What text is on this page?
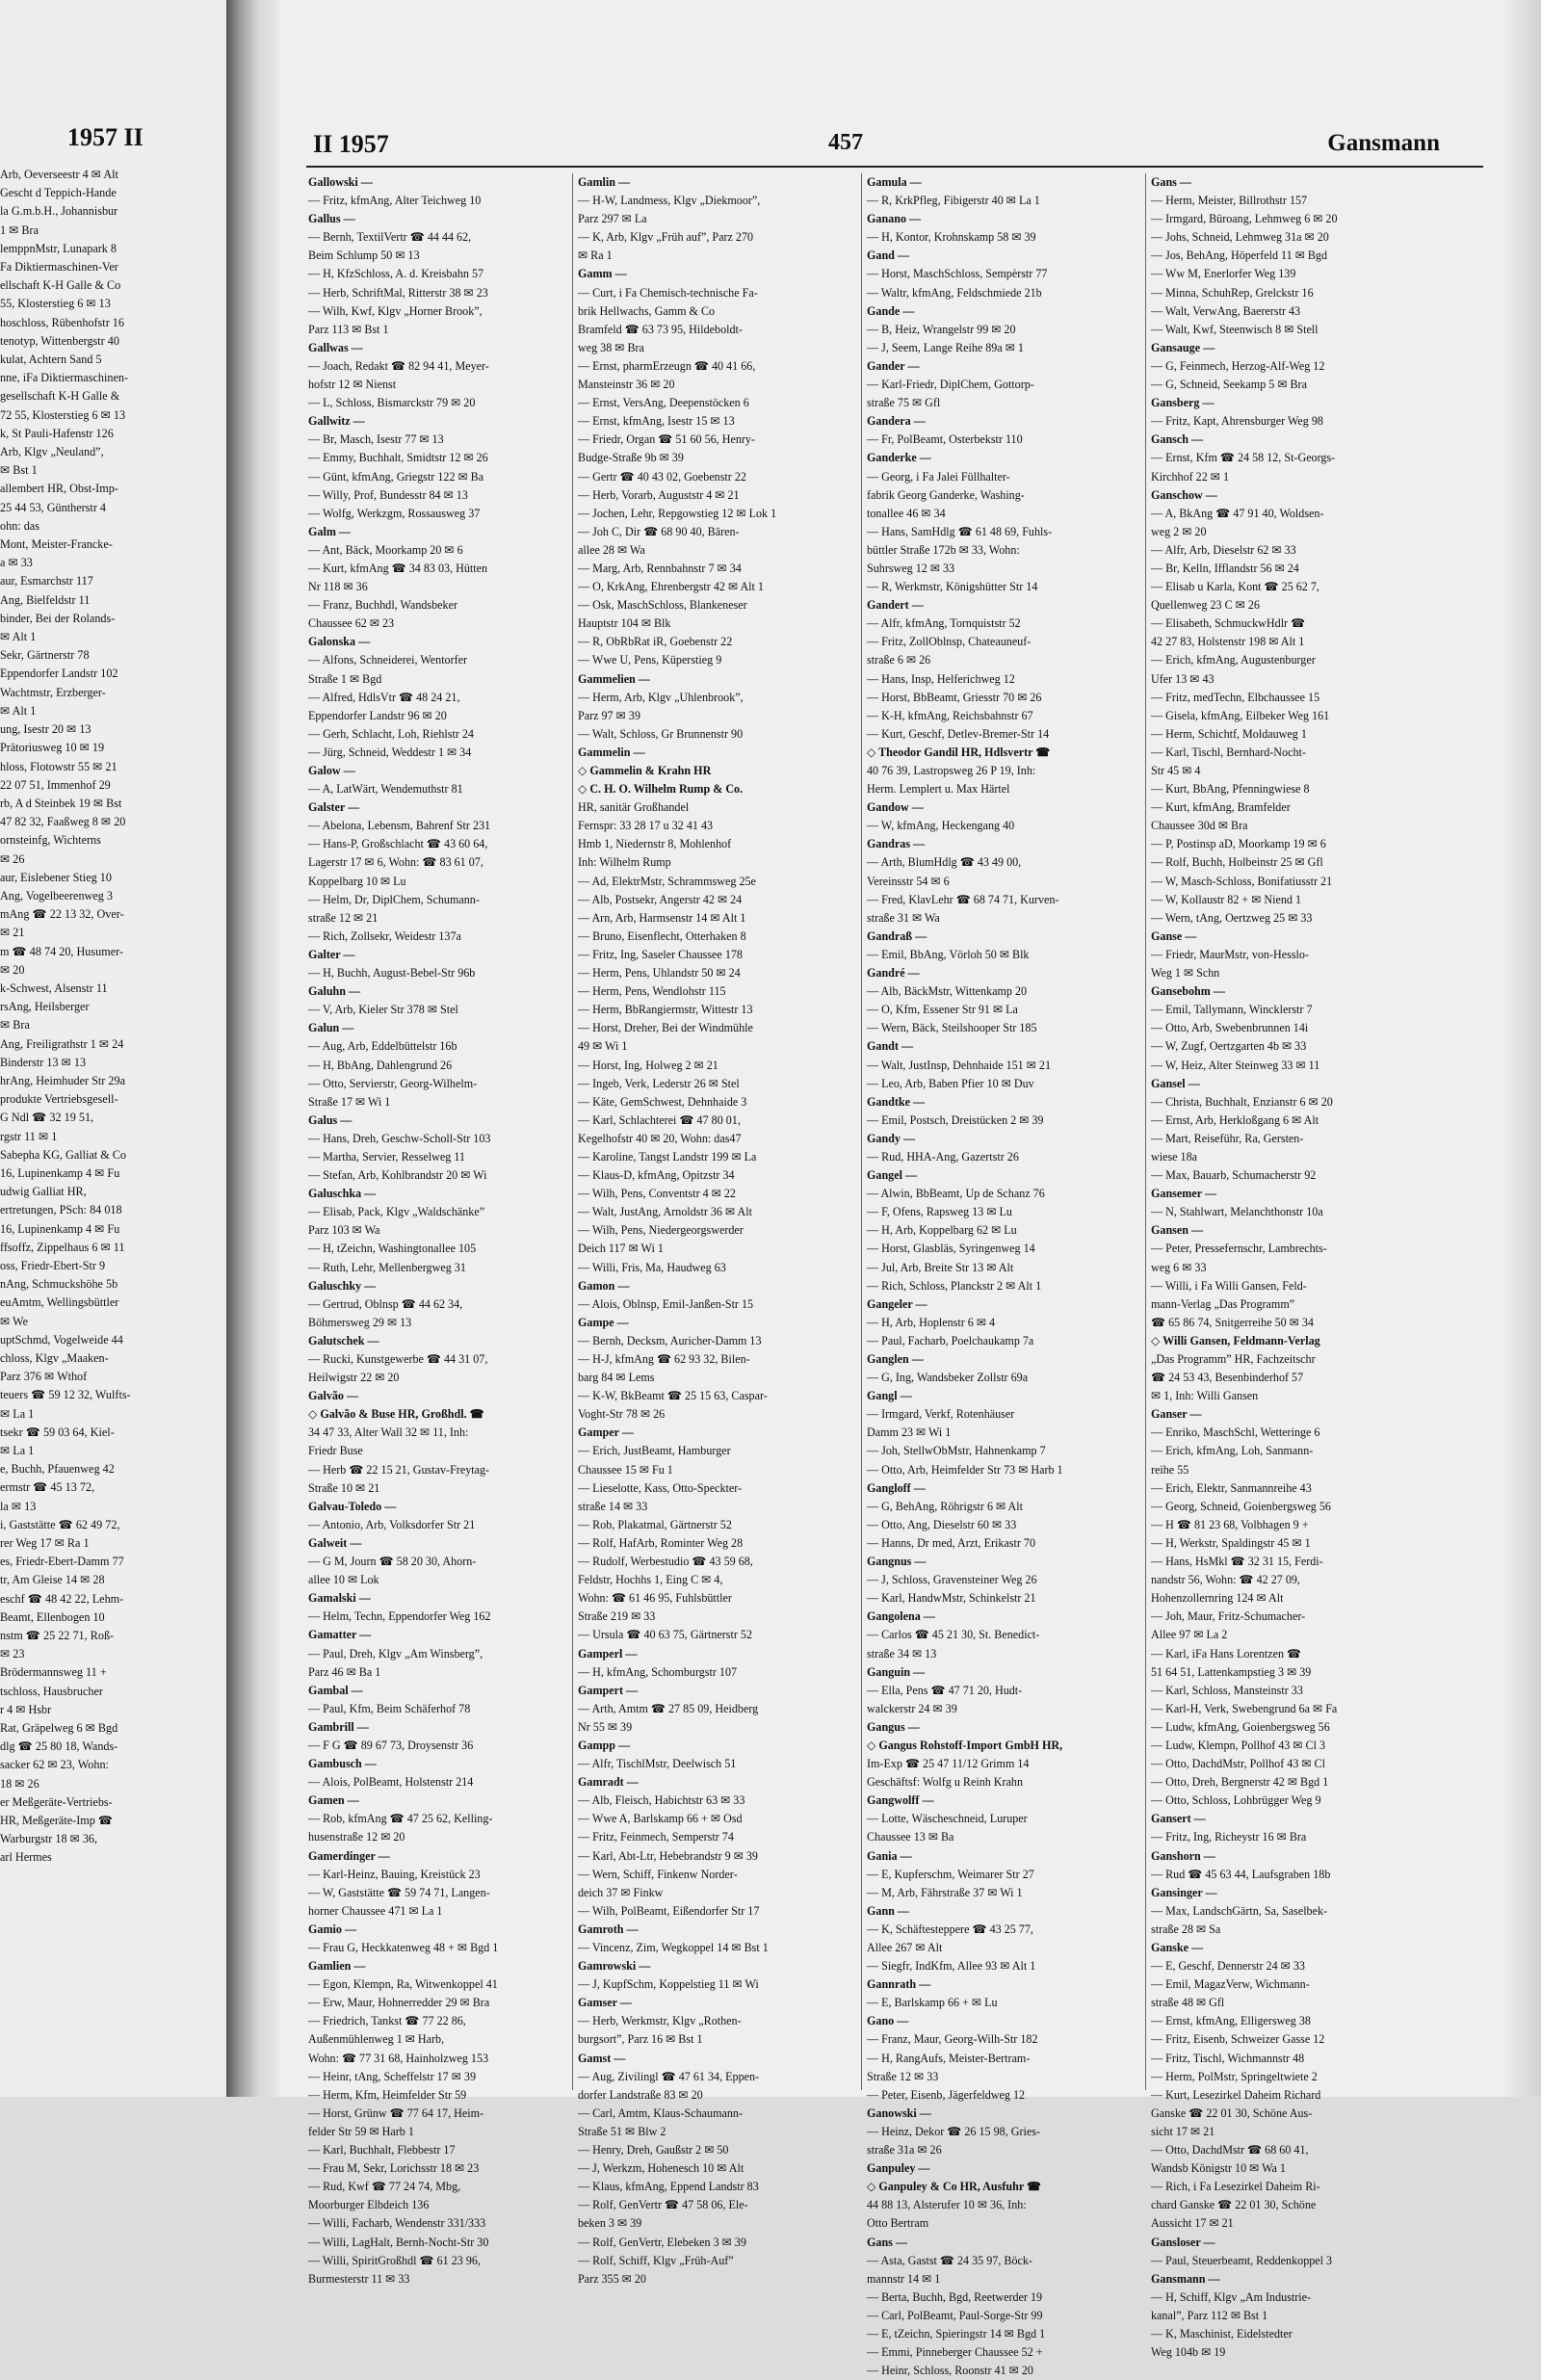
1957 II
Arb, Oeverseestr 4 ✉ Alt
Gescht d Teppich-Hande
la G.m.b.H., Johannisbur
1 ✉ Bra
lemppnMstr, Lunapark 8
Fa Diktiermaschinen-Ver
ellschaft K-H Galle & Co
55, Klosterstieg 6 ✉ 13
hoschloss, Rübenhofstr 16
tenotyp, Wittenbergstr 40
kulat, Achtern Sand 5
nne, iFa Diktiermaschinen-
gesellschaft K-H Galle &
72 55, Klosterstieg 6 ✉ 13
k, St Pauli-Hafenstr 126
Arb, Klgv „Neuland”,
✉ Bst 1
allembert HR, Obst-Imp-
25 44 53, Güntherstr 4
ohn: das
Mont, Meister-Francke-
a ✉ 33
aur, Esmarchstr 117
Ang, Bielfeldstr 11
binder, Bei der Rolands-
✉ Alt 1
Sekr, Gärtnerstr 78
Eppendorfer Landstr 102
Wachtmstr, Erzberger-
✉ Alt 1
ung, Isestr 20 ✉ 13
Prätoriusweg 10 ✉ 19
hloss, Flotowstr 55 ✉ 21
22 07 51, Immenhof 29
rb, A d Steinbek 19 ✉ Bst
47 82 32, Faaßweg 8 ✉ 20
ornsteinfg, Wichterns
✉ 26
aur, Eislebener Stieg 10
Ang, Vogelbeerenweg 3
mAng ☎ 22 13 32, Over-
✉ 21
m ☎ 48 74 20, Husumer-
✉ 20
k-Schwest, Alsenstr 11
rsAng, Heilsberger
✉ Bra
Ang, Freiligrathstr 1 ✉ 24
Binderstr 13 ✉ 13
hrAng, Heimhuder Str 29a
produkte Vertriebsgesell-
G Ndl ☎ 32 19 51,
rgstr 11 ✉ 1
Sabepha KG, Galliat & Co
16, Lupinenkamp 4 ✉ Fu
udwig Galliat HR,
ertretungen, PSch: 84 018
16, Lupinenkamp 4 ✉ Fu
ffsoffz, Zippelhaus 6 ✉ 11
oss, Friedr-Ebert-Str 9
nAng, Schmuckshöhe 5b
euAmtm, Wellingsbüttler
✉ We
uptSchmd, Vogelweide 44
chloss, Klgv „Maaken-
Parz 376 ✉ Wthof
teuers ☎ 59 12 32, Wulfts-
✉ La 1
tsekr ☎ 59 03 64, Kiel-
✉ La 1
e, Buchh, Pfauenweg 42
ermstr ☎ 45 13 72,
la ✉ 13
i, Gaststätte ☎ 62 49 72,
rer Weg 17 ✉ Ra 1
es, Friedr-Ebert-Damm 77
tr, Am Gleise 14 ✉ 28
eschf ☎ 48 42 22, Lehm-
Beamt, Ellenbogen 10
nstm ☎ 25 22 71, Roß-
✉ 23
Brödermannsweg 11 +
tschloss, Hausbrucher
r 4 ✉ Hsbr
Rat, Gräpelweg 6 ✉ Bgd
dlg ☎ 25 80 18, Wands-
sacker 62 ✉ 23, Wohn:
18 ✉ 26
er Meßgeräte-Vertriebs-
HR, Meßgeräte-Imp ☎
Warburgstr 18 ✉ 36,
arl Hermes
II 1957	457	Gansmann
Gallowski —
— Fritz, kfmAng, Alter Teichweg 10
Gallus —
— Bernh, TextilVertr ☎ 44 44 62,
Beim Schlump 50 ✉ 13
— H, KfzSchloss, A. d. Kreisbahn 57
— Herb, SchriftMal, Ritterstr 38 ✉ 23
— Wilh, Kwf, Klgv „Horner Brook”,
Parz 113 ✉ Bst 1
Gallwas —
— Joach, Redakt ☎ 82 94 41, Meyer-
hofstr 12 ✉ Nienst
— L, Schloss, Bismarckstr 79 ✉ 20
Gallwitz —
— Br, Masch, Isestr 77 ✉ 13
— Emmy, Buchhalt, Smidtstr 12 ✉ 26
— Günt, kfmAng, Griegstr 122 ✉ Ba
— Willy, Prof, Bundesstr 84 ✉ 13
— Wolfg, Werkzgm, Rossausweg 37
Galm —
— Ant, Bäck, Moorkamp 20 ✉ 6
— Kurt, kfmAng ☎ 34 83 03, Hütten
Nr 118 ✉ 36
— Franz, Buchhdl, Wandsbeker
Chaussee 62 ✉ 23
Galonska —
— Alfons, Schneiderei, Wentorfer
Straße 1 ✉ Bgd
— Alfred, HdlsVtr ☎ 48 24 21,
Eppendorfer Landstr 96 ✉ 20
— Gerh, Schlacht, Loh, Riehlstr 24
— Jürg, Schneid, Weddestr 1 ✉ 34
Galow —
— A, LatWärt, Wendemuthstr 81
Galster —
— Abelona, Lebensm, Bahrenf Str 231
— Hans-P, Großschlacht ☎ 43 60 64,
Lagerstr 17 ✉ 6, Wohn: ☎ 83 61 07,
Koppelbarg 10 ✉ Lu
— Helm, Dr, DiplChem, Schumann-
straße 12 ✉ 21
— Rich, Zollsekr, Weidestr 137a
Galter —
— H, Buchh, August-Bebel-Str 96b
Galuhn —
— V, Arb, Kieler Str 378 ✉ Stel
Galun —
— Aug, Arb, Eddelbüttelstr 16b
— H, BbAng, Dahlengrund 26
— Otto, Servierstr, Georg-Wilhelm-
Straße 17 ✉ Wi 1
Galus —
— Hans, Dreh, Geschw-Scholl-Str 103
— Martha, Servier, Resselweg 11
— Stefan, Arb, Kohlbrandstr 20 ✉ Wi
Galuschka —
— Elisab, Pack, Klgv „Waldschänke”
Parz 103 ✉ Wa
— H, tZeichn, Washingtonallee 105
— Ruth, Lehr, Mellenbergweg 31
Galuschky —
— Gertrud, Oblnsp ☎ 44 62 34,
Böhmersweg 29 ✉ 13
Galutschek —
— Rucki, Kunstgewerbe ☎ 44 31 07,
Heilwigstr 22 ✉ 20
Galvão —
◇ Galvão & Buse HR, Großhdl. ☎
34 47 33, Alter Wall 32 ✉ 11, Inh:
Friedr Buse
— Herb ☎ 22 15 21, Gustav-Freytag-
Straße 10 ✉ 21
Galvau-Toledo —
— Antonio, Arb, Volksdorfer Str 21
Galweit —
— G M, Journ ☎ 58 20 30, Ahorn-
allee 10 ✉ Lok
Gamalski —
— Helm, Techn, Eppendorfer Weg 162
Gamatter —
— Paul, Dreh, Klgv „Am Winsberg”,
Parz 46 ✉ Ba 1
Gambal —
— Paul, Kfm, Beim Schäferhof 78
Gambrill —
— F G ☎ 89 67 73, Droysenstr 36
Gambusch —
— Alois, PolBeamt, Holstenstr 214
Gamen —
— Rob, kfmAng ☎ 47 25 62, Kelling-
husenstraße 12 ✉ 20
Gamerdinger —
— Karl-Heinz, Bauing, Kreistück 23
— W, Gaststätte ☎ 59 74 71, Langen-
horner Chaussee 471 ✉ La 1
Gamio —
— Frau G, Heckkatenweg 48 + ✉ Bgd 1
Gamlien —
— Egon, Klempn, Ra, Witwenkoppel 41
— Erw, Maur, Hohnerredder 29 ✉ Bra
— Friedrich, Tankst ☎ 77 22 86,
Außenmühlenweg 1 ✉ Harb,
Wohn: ☎ 77 31 68, Hainholzweg 153
— Heinr, tAng, Scheffelstr 17 ✉ 39
— Herm, Kfm, Heimfelder Str 59
— Horst, Grünw ☎ 77 64 17, Heim-
felder Str 59 ✉ Harb 1
— Karl, Buchhalt, Flebbestr 17
— Frau M, Sekr, Lorichsstr 18 ✉ 23
— Rud, Kwf ☎ 77 24 74, Mbg,
Moorburger Elbdeich 136
— Willi, Facharb, Wendenstr 331/333
— Willi, LagHalt, Bernh-Nocht-Str 30
— Willi, SpiritGroßhdl ☎ 61 23 96,
Burmesterstr 11 ✉ 33
Gamlin —
— H-W, Landmess, Klgv „Diekmoor”,
Parz 297 ✉ La
— K, Arb, Klgv „Früh auf”, Parz 270
✉ Ra 1
Gamm —
— Curt, i Fa Chemisch-technische Fa-
brik Hellwachs, Gamm & Co
Bramfeld ☎ 63 73 95, Hildeboldt-
weg 38 ✉ Bra
— Ernst, pharmErzeugn ☎ 40 41 66,
Mansteinstr 36 ✉ 20
— Ernst, VersAng, Deepenstöcken 6
— Ernst, kfmAng, Isestr 15 ✉ 13
— Friedr, Organ ☎ 51 60 56, Henry-
Budge-Straße 9b ✉ 39
— Gertr ☎ 40 43 02, Goebenstr 22
— Herb, Vorarb, Auguststr 4 ✉ 21
— Jochen, Lehr, Repgowstieg 12 ✉ Lok 1
— Joh C, Dir ☎ 68 90 40, Bären-
allee 28 ✉ Wa
— Marg, Arb, Rennbahnstr 7 ✉ 34
— O, KrkAng, Ehrenbergstr 42 ✉ Alt 1
— Osk, MaschSchloss, Blankeneser
Hauptstr 104 ✉ Blk
— R, ObRbRat iR, Goebenstr 22
— Wwe U, Pens, Küperstieg 9
Gammelien —
— Herm, Arb, Klgv „Uhlenbrook”,
Parz 97 ✉ 39
— Walt, Schloss, Gr Brunnenstr 90
Gammelin —
◇ Gammelin & Krahn HR
◇ C. H. O. Wilhelm Rump & Co.
HR, sanitär Großhandel
Fernspr: 33 28 17 u 32 41 43
Hmb 1, Niedernstr 8, Mohlenhof
Inh: Wilhelm Rump
— Ad, ElektrMstr, Schrammsweg 25e
— Alb, Postsekr, Angerstr 42 ✉ 24
— Arn, Arb, Harmsenstr 14 ✉ Alt 1
— Bruno, Eisenflecht, Otterhaken 8
— Fritz, Ing, Saseler Chaussee 178
— Herm, Pens, Uhlandstr 50 ✉ 24
— Herm, Pens, Wendlohstr 115
— Herm, BbRangiermstr, Wittestr 13
— Horst, Dreher, Bei der Windmühle
49 ✉ Wi 1
— Horst, Ing, Holweg 2 ✉ 21
— Ingeb, Verk, Lederstr 26 ✉ Stel
— Käte, GemSchwest, Dehnhaide 3
— Karl, Schlachterei ☎ 47 80 01,
Kegelhofstr 40 ✉ 20, Wohn: das47
— Karoline, Tangst Landstr 199 ✉ La
— Klaus-D, kfmAng, Opitzstr 34
— Wilh, Pens, Conventstr 4 ✉ 22
— Walt, JustAng, Arnoldstr 36 ✉ Alt
— Wilh, Pens, Niedergeorgswerder
Deich 117 ✉ Wi 1
— Willi, Fris, Ma, Haudweg 63
Gamon —
— Alois, Oblnsp, Emil-Janßen-Str 15
Gampe —
— Bernh, Decksm, Auricher-Damm 13
— H-J, kfmAng ☎ 62 93 32, Bilen-
barg 84 ✉ Lems
— K-W, BkBeamt ☎ 25 15 63, Caspar-
Voght-Str 78 ✉ 26
Gamper —
— Erich, JustBeamt, Hamburger
Chaussee 15 ✉ Fu 1
— Lieselotte, Kass, Otto-Speckter-
straße 14 ✉ 33
— Rob, Plakatmal, Gärtnerstr 52
— Rolf, HafArb, Rominter Weg 28
— Rudolf, Werbestudio ☎ 43 59 68,
Feldstr, Hochhs 1, Eing C ✉ 4,
Wohn: ☎ 61 46 95, Fuhlsbüttler
Straße 219 ✉ 33
— Ursula ☎ 40 63 75, Gärtnerstr 52
Gamperl —
— H, kfmAng, Schomburgstr 107
Gampert —
— Arth, Amtm ☎ 27 85 09, Heidberg
Nr 55 ✉ 39
Gampp —
— Alfr, TischlMstr, Deelwisch 51
Gamradt —
— Alb, Fleisch, Habichtstr 63 ✉ 33
— Wwe A, Barlskamp 66 + ✉ Osd
— Fritz, Feinmech, Semperstr 74
— Karl, Abt-Ltr, Hebebrandstr 9 ✉ 39
— Wern, Schiff, Finkenw Norder-
deich 37 ✉ Finkw
— Wilh, PolBeamt, Eißendorfer Str 17
Gamroth —
— Vincenz, Zim, Wegkoppel 14 ✉ Bst 1
Gamrowski —
— J, KupfSchm, Koppelstieg 11 ✉ Wi
Gamser —
— Herb, Werkmstr, Klgv „Rothen-
burgsort”, Parz 16 ✉ Bst 1
Gamst —
— Aug, Zivilingl ☎ 47 61 34, Eppen-
dorfer Landstraße 83 ✉ 20
— Carl, Amtm, Klaus-Schaumann-
Straße 51 ✉ Blw 2
— Henry, Dreh, Gaußstr 2 ✉ 50
— J, Werkzm, Hohenesch 10 ✉ Alt
— Klaus, kfmAng, Eppend Landstr 83
— Rolf, GenVertr ☎ 47 58 06, Ele-
beken 3 ✉ 39
— Rolf, GenVertr, Elebeken 3 ✉ 39
— Rolf, Schiff, Klgv „Früh-Auf”
Parz 355 ✉ 20
Gamula —
— R, KrkPfleg, Fibigerstr 40 ✉ La 1
Ganano —
— H, Kontor, Krohnskamp 58 ✉ 39
Gand —
— Horst, MaschSchloss, Sempèrstr 77
— Waltr, kfmAng, Feldschmiede 21b
Gande —
— B, Heiz, Wrangelstr 99 ✉ 20
— J, Seem, Lange Reihe 89a ✉ 1
Gander —
— Karl-Friedr, DiplChem, Gottorp-
straße 75 ✉ Gfl
Gandera —
— Fr, PolBeamt, Osterbekstr 110
Ganderke —
— Georg, i Fa Jalei Füllhalter-
fabrik Georg Ganderke, Washing-
tonallee 46 ✉ 34
— Hans, SamHdlg ☎ 61 48 69, Fuhls-
büttler Straße 172b ✉ 33, Wohn:
Suhrsweg 12 ✉ 33
— R, Werkmstr, Königshütter Str 14
Gandert —
— Alfr, kfmAng, Tornquiststr 52
— Fritz, ZollOblnsp, Chateauneuf-
straße 6 ✉ 26
— Hans, Insp, Helferichweg 12
— Horst, BbBeamt, Griesstr 70 ✉ 26
— K-H, kfmAng, Reichsbahnstr 67
— Kurt, Geschf, Detlev-Bremer-Str 14
◇ Theodor Gandil HR, Hdlsvertr ☎
40 76 39, Lastropsweg 26 P 19, Inh:
Herm. Lemplert u. Max Härtel
Gandow —
— W, kfmAng, Heckengang 40
Gandras —
— Arth, BlumHdlg ☎ 43 49 00,
Vereinsstr 54 ✉ 6
— Fred, KlavLehr ☎ 68 74 71, Kurven-
straße 31 ✉ Wa
Gandraß —
— Emil, BbAng, Vörloh 50 ✉ Blk
Gandré —
— Alb, BäckMstr, Wittenkamp 20
— O, Kfm, Essener Str 91 ✉ La
— Wern, Bäck, Steilshooper Str 185
Gandt —
— Walt, JustInsp, Dehnhaide 151 ✉ 21
— Leo, Arb, Baben Pfier 10 ✉ Duv
Gandtke —
— Emil, Postsch, Dreistücken 2 ✉ 39
Gandy —
— Rud, HHA-Ang, Gazertstr 26
Gangel —
— Alwin, BbBeamt, Up de Schanz 76
— F, Ofens, Rapsweg 13 ✉ Lu
— H, Arb, Koppelbarg 62 ✉ Lu
— Horst, Glasbläs, Syringenweg 14
— Jul, Arb, Breite Str 13 ✉ Alt
— Rich, Schloss, Planckstr 2 ✉ Alt 1
Gangeler —
— H, Arb, Hoplenstr 6 ✉ 4
— Paul, Facharb, Poelchaukamp 7a
Ganglen —
— G, Ing, Wandsbeker Zollstr 69a
Gangl —
— Irmgard, Verkf, Rotenhäuser
Damm 23 ✉ Wi 1
— Joh, StellwObMstr, Hahnenkamp 7
— Otto, Arb, Heimfelder Str 73 ✉ Harb 1
Gangloff —
— G, BehAng, Röhrigstr 6 ✉ Alt
— Otto, Ang, Dieselstr 60 ✉ 33
— Hanns, Dr med, Arzt, Erikastr 70
Gangnus —
— J, Schloss, Gravensteiner Weg 26
— Karl, HandwMstr, Schinkelstr 21
Gangolena —
— Carlos ☎ 45 21 30, St. Benedict-
straße 34 ✉ 13
Ganguin —
— Ella, Pens ☎ 47 71 20, Hudt-
walckerstr 24 ✉ 39
Gangus —
◇ Gangus Rohstoff-Import GmbH HR,
Im-Exp ☎ 25 47 11/12 Grimm 14
Geschäftsf: Wolfg u Reinh Krahn
Gangwolff —
— Lotte, Wäscheschneid, Luruper
Chaussee 13 ✉ Ba
Gania —
— E, Kupferschm, Weimarer Str 27
— M, Arb, Fährstraße 37 ✉ Wi 1
Gann —
— K, Schäftesteppere ☎ 43 25 77,
Allee 267 ✉ Alt
— Siegfr, IndKfm, Allee 93 ✉ Alt 1
Gannrath —
— E, Barlskamp 66 + ✉ Lu
Gano —
— Franz, Maur, Georg-Wilh-Str 182
— H, RangAufs, Meister-Bertram-
Straße 12 ✉ 33
— Peter, Eisenb, Jägerfeldweg 12
Ganowski —
— Heinz, Dekor ☎ 26 15 98, Gries-
straße 31a ✉ 26
Ganpuley —
◇ Ganpuley & Co HR, Ausfuhr ☎
44 88 13, Alsterufer 10 ✉ 36, Inh:
Otto Bertram
Gans —
— Asta, Gastst ☎ 24 35 97, Böck-
mannstr 14 ✉ 1
— Berta, Buchh, Bgd, Reetwerder 19
— Carl, PolBeamt, Paul-Sorge-Str 99
— E, tZeichn, Spieringstr 14 ✉ Bgd 1
— Emmi, Pinneberger Chaussee 52 +
— Heinr, Schloss, Roonstr 41 ✉ 20
Gans —
— Herm, Meister, Billrothstr 157
— Irmgard, Büroang, Lehmweg 6 ✉ 20
— Johs, Schneid, Lehmweg 31a ✉ 20
— Jos, BehAng, Höperfeld 11 ✉ Bgd
— Ww M, Enerlorfer Weg 139
— Minna, SchuhRep, Grelckstr 16
— Walt, VerwAng, Baererstr 43
— Walt, Kwf, Steenwisch 8 ✉ Stell
Gansauge —
— G, Feinmech, Herzog-Alf-Weg 12
— G, Schneid, Seekamp 5 ✉ Bra
Gansberg —
— Fritz, Kapt, Ahrensburger Weg 98
Gansch —
— Ernst, Kfm ☎ 24 58 12, St-Georgs-
Kirchhof 22 ✉ 1
Ganschow —
— A, BkAng ☎ 47 91 40, Woldsen-
weg 2 ✉ 20
— Alfr, Arb, Dieselstr 62 ✉ 33
— Br, Kelln, Ifflandstr 56 ✉ 24
— Elisab u Karla, Kont ☎ 25 62 7,
Quellenweg 23 C ✉ 26
— Elisabeth, SchmuckwHdlr ☎
42 27 83, Holstenstr 198 ✉ Alt 1
— Erich, kfmAng, Augustenburger
Ufer 13 ✉ 43
— Fritz, medTechn, Elbchaussee 15
— Gisela, kfmAng, Eilbeker Weg 161
— Herm, Schichtf, Moldauweg 1
— Karl, Tischl, Bernhard-Nocht-
Str 45 ✉ 4
— Kurt, BbAng, Pfenningwiese 8
— Kurt, kfmAng, Bramfelder
Chaussee 30d ✉ Bra
— P, Postinsp aD, Moorkamp 19 ✉ 6
— Rolf, Buchh, Holbeinstr 25 ✉ Gfl
— W, Masch-Schloss, Bonifatiusstr 21
— W, Kollaustr 82 + ✉ Niend 1
— Wern, tAng, Oertzweg 25 ✉ 33
Ganse —
— Friedr, MaurMstr, von-Hesslo-
Weg 1 ✉ Schn
Gansebohm —
— Emil, Tallymann, Wincklerstr 7
— Otto, Arb, Swebenbrunnen 14i
— W, Zugf, Oertzgarten 4b ✉ 33
— W, Heiz, Alter Steinweg 33 ✉ 11
Gansel —
— Christa, Buchhalt, Enzianstr 6 ✉ 20
— Ernst, Arb, Herkloßgang 6 ✉ Alt
— Mart, Reiseführ, Ra, Gersten-
wiese 18a
— Max, Bauarb, Schumacherstr 92
Gansemer —
— N, Stahlwart, Melanchthonstr 10a
Gansen —
— Peter, Pressefernschr, Lambrechts-
weg 6 ✉ 33
— Willi, i Fa Willi Gansen, Feld-
mann-Verlag „Das Programm”
☎ 65 86 74, Snitgerreihe 50 ✉ 34
◇ Willi Gansen, Feldmann-Verlag
„Das Programm” HR, Fachzeitschr
☎ 24 53 43, Besenbinderhof 57
✉ 1, Inh: Willi Gansen
Ganser —
— Enriko, MaschSchl, Wetteringe 6
— Erich, kfmAng, Loh, Sanmann-
reihe 55
— Erich, Elektr, Sanmannreihe 43
— Georg, Schneid, Goienbergsweg 56
— H ☎ 81 23 68, Volbhagen 9 +
— H, Werkstr, Spaldingstr 45 ✉ 1
— Hans, HsMkl ☎ 32 31 15, Ferdi-
nandstr 56, Wohn: ☎ 42 27 09,
Hohenzollernring 124 ✉ Alt
— Joh, Maur, Fritz-Schumacher-
Allee 97 ✉ La 2
— Karl, iFa Hans Lorentzen ☎
51 64 51, Lattenkampstieg 3 ✉ 39
— Karl, Schloss, Mansteinstr 33
— Karl-H, Verk, Swebengrund 6a ✉ Fa
— Ludw, kfmAng, Goienbergsweg 56
— Ludw, Klempn, Pollhof 43 ✉ Cl 3
— Otto, DachdMstr, Pollhof 43 ✉ Cl
— Otto, Dreh, Bergnerstr 42 ✉ Bgd 1
— Otto, Schloss, Lohbrügger Weg 9
Gansert —
— Fritz, Ing, Richeystr 16 ✉ Bra
Ganshorn —
— Rud ☎ 45 63 44, Laufsgraben 18b
Gansinger —
— Max, LandschGärtn, Sa, Saselbek-
straße 28 ✉ Sa
Ganske —
— E, Geschf, Dennerstr 24 ✉ 33
— Emil, MagazVerw, Wichmann-
straße 48 ✉ Gfl
— Ernst, kfmAng, Elligersweg 38
— Fritz, Eisenb, Schweizer Gasse 12
— Fritz, Tischl, Wichmannstr 48
— Herm, PolMstr, Springeltwiete 2
— Kurt, Lesezirkel Daheim Richard
Ganske ☎ 22 01 30, Schöne Aus-
sicht 17 ✉ 21
— Otto, DachdMstr ☎ 68 60 41,
Wandsb Königstr 10 ✉ Wa 1
— Rich, i Fa Lesezirkel Daheim Ri-
chard Ganske ☎ 22 01 30, Schöne
Aussicht 17 ✉ 21
Gansloser —
— Paul, Steuerbeamt, Reddenkoppel 3
Gansmann —
— H, Schiff, Klgv „Am Industrie-
kanal”, Parz 112 ✉ Bst 1
— K, Maschinist, Eidelstedter
Weg 104b ✉ 19
